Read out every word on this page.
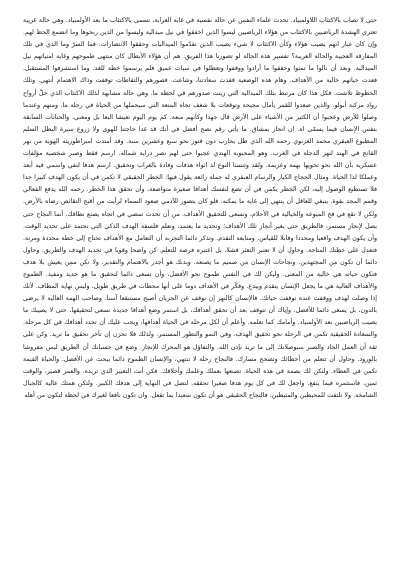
حتى لا تصاب بالاكتئاب اللاولمبياد. تحدث علماء النفس عن حالة نفسية في غاية الغرابة، تسمى بالاكتئاب ما بعد الأولمبياد. وهي حالة غريبة تعتري الهشدة الرياضيين بالاكتئاب من هؤلاء الرياضيين ليسوا الذين اخفقوا في نيل ميدالية وليسوا من الذين ربحوها وما انضمع الحظ لهم. وإن كان عبار انهم يصيب هؤلاء وكأن الاكتئاب لا شيء يصيب الذين تقدّموا الميداليات وحققوا الانتصارات. فما السرّ وما الذي في تلك المفارقة العجيبة والحالة الغريبة؟ تفسير هذه الحالة لو تصورنا هذا الفريق. هم أن هؤلاء الأبطال كان منتهى طموحهم وغاية امنياتهم نيل الميدالية. وبعد أن نالوا ما تمنوا وحققوا ما أرادوا ووقفوا وتعطلوا في سبات عميق فلم يرسموا خطة للغد. وما استشرفوا المستقبل. فغدت حياتهم خالية من الأهداف. وهام هذه الوضعية فقدت سعادتنا، وشاعت. فصورهم والتقاطات توقفت وذاك الاهتمام أنتهى. وتلك الحظوظ تلاشت. فكل هذا كان مرتبط بتلك الميدالية التي زينت صدورهم في لحظة ما. وهي حالة مشابهة لذلك الاكتئاب الذي حلّ أرواح رواد مركبة أبولو. والذين صعدوا للقمر بأمال مجيحة وتوقعات بلا شغف تجاه المنعة التي سيحملها من الحياة في رحلة ما. ومنهم وعندما وصلوا للأرض وعجبوا أن الكثير من الأشياء على الأرض قال جهدا وكأنهم منعة. كم يوم اليوم تعيشا البعا بل ومعنى، والحنانات السابقة بنفس الإنسان فيما يسمّى اه. ان انجاز بمشاق. ما يأتي رقم نصح أفضل في أنك قد غدا حاجتنا للهوى ولا زروع سيرة البطل السلم المطبوع العبقري محمد الغزنوي رحمه الله الذي ظل يحارب دون فتور نحو سبع وعشرين سنة. وقد أمتدت امبراطوريته الهوية من نهر القانج في الهند لنهر الدجلة في الغرب. وهو المحبوبة الهندي عجبوا حتى لهم نصر دراية شماله. ارسم فقط وصبر شخصية مؤلفات عسكرية بأن الله نحو تحويها بهمة وعزيمة. ولقد وتنسنا النوع لذ انواء هدفات وفادة بالغراب وتحقيق. ارسم هدفا لنفي واسمي فيه أبعد وعملكا لذا الحياة. ومثال الحجاج الكبار والرسام العبقري له جملة رائعة يقول فيها: الخطر الحقيقي لا تكمن في أن يكون الهدف كبيرا جدا فلا تستطيع الوصول إليه، لكن الخطر يكمن في أن تضع لنفسك أهدافا صغيرة متواضعة، وأن تحقق هذا الخطر. رحمه الله يدفع الفعالي وقمم المجد بقوة. ينبغي للعاقل أن ينتهي إلى غاية ما يمكنه. فلو كان يتصور للآدمي صعود السماء لرأيت من أقبح النقائص رضاه بالأرض. ولكن لا تقع في فخ الميوعة والخيالية في الأحلام، وتسعى للتحقيق الأهداف. من أن تحدث تمضي في اتجاه يصنع نطاقك. أنما النجاح حتى يصل لإنجاز مستمر، فالطريق حتى يغير أنجاز تلك الأهداف؛ وتحديد ما يعتمد، وتعلم فلسفة الهدف الذكي التي تحتمد على تحديد الوقت. وأن يكون الهدف واقعيا ومحددا وقابلا للقياس. ومتابعة التقدم. وتذكر دائما التجربة أن التعامل مع الأهداف تحتاج إلى خطة محددة ومرنة. فتعدل على خطتك المتاحة. وحاول أن لا تعتبر التعثر فشلا، بل اعتبره فرصة للتعلم. كن واضحا وقويا في تحديد الهدف والطريق. وحاول دائما أن تكون من المجتهدين. ونجاحات الإنسان من صميم ما يصنعه. وبدنك هو أجدر بالاهتمام والتقدير. ولا تكن ممن يعيش بلا هدف فتكون حياته هي خالية من المعنى. وليكن لك في النفس طموح نحو الأفضل، وأن تسعى دائما لتحقيق ما هو جديد ومفيد. الطموح والأهداف العالية هي ما يجعل الإنسان يتقدم ويبدع. وفكّر في الأهداف دوما على أنها محطات في طريق طويل، وليس نهاية المطاف. لأنك إذا وصلت لهدف ووقفت عنده توقفت حياتك. فالإنسان كالنهر إن توقف عن الجريان أصبح مستنقعا آسنا. وصاحب الهمة العالية لا يرضى بالدون، بل يسعى دائما للأفضل. وإياك أن تتوقف بعد أن تحقق أهدافك، بل استمر وضع أهدافا جديدة تسعى لتحقيقها، حتى لا يصيبك ما يصيب الرياضيين بعد الأولمبياد. وأمامك كما تعلمه. وأعلم أن لكل مرحلة في الحياة أهدافها، ويجب عليك أن تحدد أهدافك في كل مرحلة. والسعادة الحقيقية تكمن في الرحلة نحو تحقيق الهدف، وفي النمو والتطور المستمر. ولذلك فلا تحزن إن تأخر تحقيق ما تريد. وكن على ثقة أن العمل الجاد والصبر سيوصلانك إلى ما تريد بإذن الله. والتفاؤل هو المحرك للإنجاز. وضع في حسبانك أن الطريق ليس مفروشا بالورود. وحاول أن تتعلم من أخطائك وتصحح مسارك. فالنجاح رحلة لا تنتهي، والإنسان الطموح دائما يبحث عن الأفضل. والحياة القيمة تكمن في العطاء. ولتكن لك بصمة في هذه الحياة. تصنعها بعملك وعلمك وأخلاقك. فكن أنت التغيير الذي تريده. والعمر قصير، والوقت ثمين، فاستثمره فيما ينفع. واجعل لك في كل يوم هدفا صغيرا تحققه. لتصل في النهاية إلى هدفك الكبير. ولتكن همتك عالية كالجبال الشامخة. ولا تلتفت للمحبطين والمثبطين. فالنجاح الحقيقي هو أن تكون سعيدا بما تفعل. وان تكون نافعا لغيرك في لحظة لتكون من أهله
